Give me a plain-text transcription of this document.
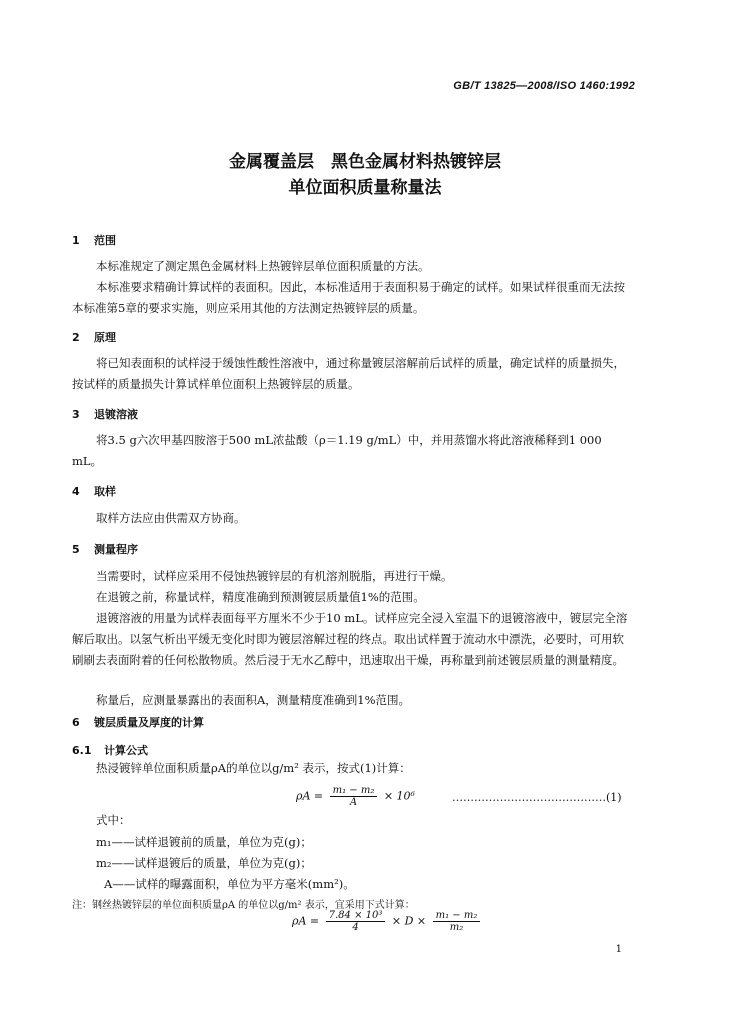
GB/T 13825—2008/ISO 1460:1992
金属覆盖层　黑色金属材料热镀锌层
单位面积质量称量法
1 范围
本标准规定了测定黑色金属材料上热镀锌层单位面积质量的方法。
本标准要求精确计算试样的表面积。因此，本标准适用于表面积易于确定的试样。如果试样很重而无法按本标准第5章的要求实施，则应采用其他的方法测定热镀锌层的质量。
2 原理
将已知表面积的试样浸于缓蚀性酸性溶液中，通过称量镀层溶解前后试样的质量，确定试样的质量损失，按试样的质量损失计算试样单位面积上热镀锌层的质量。
3 退镀溶液
将3.5 g六次甲基四胺溶于500 mL浓盐酸（ρ＝1.19 g/mL）中，并用蒸馏水将此溶液稀释到1 000 mL。
4 取样
取样方法应由供需双方协商。
5 测量程序
当需要时，试样应采用不侵蚀热镀锌层的有机溶剂脱脂，再进行干燥。
在退镀之前，称量试样，精度准确到预测镀层质量值1%的范围。
退镀溶液的用量为试样表面每平方厘米不少于10 mL。试样应完全浸入室温下的退镀溶液中，镀层完全溶解后取出。以氢气析出平缓无变化时即为镀层溶解过程的终点。取出试样置于流动水中漂洗，必要时，可用软刷刷去表面附着的任何松散物质。然后浸于无水乙醇中，迅速取出干燥，再称量到前述镀层质量的测量精度。
称量后，应测量暴露出的表面积A，测量精度准确到1%范围。
6 镀层质量及厚度的计算
6.1 计算公式
热浸镀锌单位面积质量ρA的单位以g/m² 表示，按式(1)计算：
$\rho A = \frac{\text{m₁ − m₂}}{A} \times 10^6$	……………………………………(1)
式中：
m₁——试样退镀前的质量，单位为克(g)；
m₂——试样退镀后的质量，单位为克(g)；
A——试样的曝露面积，单位为平方毫米(mm²)。
注：钢丝热镀锌层的单位面积质量ρA 的单位以g/m² 表示，宜采用下式计算：
$\rho A = \frac{\text{7.84 × 10³}}{4} \times D \times \frac{\text{m₁ − m₂}}{\text{m₂}}$
1
